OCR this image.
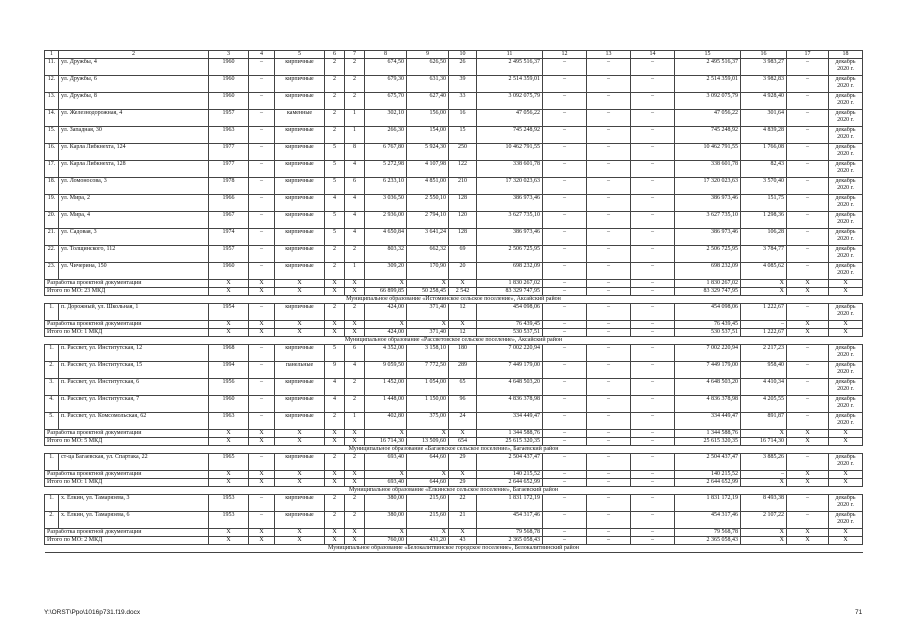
1	2	3	4	5	6	7	8	9	10	11	12	13	14	15	16	17	18
11.	ул. Дружбы, 4	1960	–	кирпичные	2	2	674,50	626,50	26	2 495 516,37	–	–	–	2 495 516,37	3 983,27	–	декабрь 2020 г.
12.	ул. Дружбы, 6	1960	–	кирпичные	2	2	679,30	631,30	39	2 514 359,01	–	–	–	2 514 359,01	3 982,83	–	декабрь 2020 г.
13.	ул. Дружбы, 8	1960	–	кирпичные	2	2	675,70	627,40	33	3 092 075,79	–	–	–	3 092 075,79	4 928,40	–	декабрь 2020 г.
14.	ул. Железнодорожная, 4	1957	–	каменные	2	1	302,10	156,00	16	47 056,22	–	–	–	47 056,22	301,64	–	декабрь 2020 г.
15.	ул. Западная, 30	1963	–	кирпичные	2	1	266,30	154,00	15	745 248,92	–	–	–	745 248,92	4 839,28	–	декабрь 2020 г.
16.	ул. Карла Либкнехта, 124	1977	–	кирпичные	5	8	6 767,80	5 924,30	250	10 462 791,55	–	–	–	10 462 791,55	1 766,08	–	декабрь 2020 г.
17.	ул. Карла Либкнехта, 128	1977	–	кирпичные	5	4	5 272,98	4 107,98	122	338 601,78	–	–	–	338 601,78	82,43	–	декабрь 2020 г.
18.	ул. Ломоносова, 3	1978	–	кирпичные	5	6	6 233,10	4 851,00	210	17 320 023,63	–	–	–	17 320 023,63	3 570,40	–	декабрь 2020 г.
19.	ул. Мира, 2	1966	–	кирпичные	4	4	3 036,50	2 550,10	128	386 973,46	–	–	–	386 973,46	151,75	–	декабрь 2020 г.
20.	ул. Мира, 4	1967	–	кирпичные	5	4	2 936,00	2 794,10	120	3 627 735,10	–	–	–	3 627 735,10	1 298,36	–	декабрь 2020 г.
21.	ул. Садовая, 3	1974	–	кирпичные	5	4	4 650,84	3 641,24	128	386 973,46	–	–	–	386 973,46	106,28	–	декабрь 2020 г.
22.	ул. Толщинского, 112	1957	–	кирпичные	2	2	803,32	662,32	69	2 506 725,95	–	–	–	2 506 725,95	3 784,77	–	декабрь 2020 г.
23.	ул. Чичерина, 150	1960	–	кирпичные	2	1	309,20	170,90	20	698 232,09	–	–	–	698 232,09	4 085,62	–	декабрь 2020 г.
Разработка проектной документации		X	X	X	X	X	X	X	X	1 830 267,02	–	–	–	1 830 267,02	X	X	X
Итого по МО: 23 МКД		X	X	X	X	X	66 899,85	50 258,45	2 542	83 329 747,95	–	–	–	83 329 747,95	X	X	X
Муниципальное образование «Истоминское сельское поселение», Аксайский район																	
1.	п. Дорожный, ул. Школьная, 1	1954	–	кирпичные	2	2	424,00	371,40	12	454 098,06	–	–	–	454 098,06	1 222,67	–	декабрь 2020 г.
Разработка проектной документации		X	X	X	X	X	X	X	X	76 439,45	–	–	–	76 439,45	–	X	X
Итого по МО: 1 МКД		X	X	X	X	X	424,00	371,40	12	530 537,51	–	–	–	530 537,51	1 222,67	X	X
Муниципальное образование «Рассветовское сельское поселение», Аксайский район																	
1.	п. Рассвет, ул. Институтская, 12	1968	–	кирпичные	5	6	4 352,00	3 158,10	180	7 002 220,94	–	–	–	7 002 220,94	2 217,23	–	декабрь 2020 г.
2.	п. Рассвет, ул. Институтская, 15	1994	–	панельные	9	4	9 059,50	7 772,50	289	7 449 179,00	–	–	–	7 449 179,00	958,40	–	декабрь 2020 г.
3.	п. Рассвет, ул. Институтская, 6	1956	–	кирпичные	4	2	1 452,00	1 054,00	65	4 648 503,20	–	–	–	4 648 503,20	4 410,34	–	декабрь 2020 г.
4.	п. Рассвет, ул. Институтская, 7	1960	–	кирпичные	4	2	1 448,00	1 150,00	96	4 836 378,98	–	–	–	4 836 378,98	4 205,55	–	декабрь 2020 г.
5.	п. Рассвет, ул. Комсомольская, 62	1963	–	кирпичные	2	1	402,80	375,00	24	334 449,47	–	–	–	334 449,47	891,87	–	декабрь 2020 г.
Разработка проектной документации		X	X	X	X	X	X	X	X	1 344 588,76	–	–	–	1 344 588,76	X	X	X
Итого по МО: 5 МКД		X	X	X	X	X	16 714,30	13 509,60	654	25 615 320,35	–	–	–	25 615 320,35	16 714,30	X	X
Муниципальное образование «Багаевское сельское поселение», Багаевский район																	
1.	ст-ца Багаевская, ул. Спартака, 22	1965	–	кирпичные	2	2	693,40	644,60	29	2 504 437,47	–	–	–	2 504 437,47	3 885,26	–	декабрь 2020 г.
Разработка проектной документации		X	X	X	X	X	X	X	X	140 215,52	–	–	–	140 215,52	–	X	X
Итого по МО: 1 МКД		X	X	X	X	X	693,40	644,60	29	2 644 652,99	–	–	–	2 644 652,99	X	X	X
Муниципальное образование «Елкинское сельское поселение», Багаевский район																	
1.	х. Елкин, ул. Тамарязева, 3	1953	–	кирпичные	2	2	380,00	215,60	22	1 831 172,19	–	–	–	1 831 172,19	8 493,38	–	декабрь 2020 г.
2.	х. Елкин, ул. Тамарязева, 6	1953	–	кирпичные	2	2	380,00	215,60	21	454 317,46	–	–	–	454 317,46	2 107,22	–	декабрь 2020 г.
Разработка проектной документации		X	X	X	X	X	X	X	X	79 568,78	–	–	–	79 568,78	X	X	X
Итого по МО: 2 МКД		X	X	X	X	X	760,00	431,20	43	2 365 058,43	–	–	–	2 365 058,43	X	X	X
Муниципальное образование «Белокалитвинское городское поселение», Белокалитвинский район																	
Y:\ORST\Ppo\1016p731.f19.docx	71
